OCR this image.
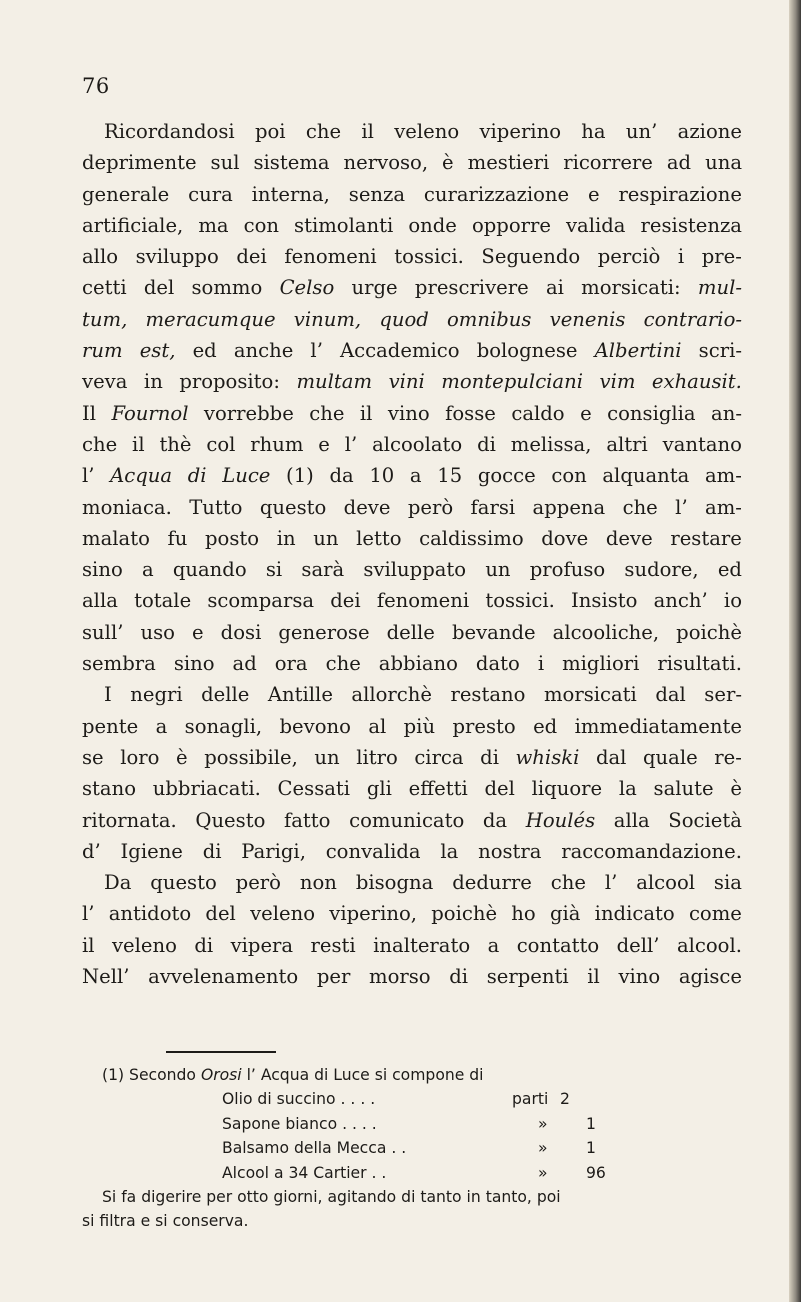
76
Ricordandosi poi che il veleno viperino ha un’ azione
deprimente sul sistema nervoso, è mestieri ricorrere ad una
generale cura interna, senza curarizzazione e respirazione
artificiale, ma con stimolanti onde opporre valida resistenza
allo sviluppo dei fenomeni tossici. Seguendo perciò i pre-
cetti del sommo Celso urge prescrivere ai morsicati: mul-
tum, meracumque vinum, quod omnibus venenis contrario-
rum est, ed anche l’ Accademico bolognese Albertini scri-
veva in proposito: multam vini montepulciani vim exhausit.
Il Fournol vorrebbe che il vino fosse caldo e consiglia an-
che il thè col rhum e l’ alcoolato di melissa, altri vantano
l’ Acqua di Luce (1) da 10 a 15 gocce con alquanta am-
moniaca. Tutto questo deve però farsi appena che l’ am-
malato fu posto in un letto caldissimo dove deve restare
sino a quando si sarà sviluppato un profuso sudore, ed
alla totale scomparsa dei fenomeni tossici. Insisto anch’ io
sull’ uso e dosi generose delle bevande alcooliche, poichè
sembra sino ad ora che abbiano dato i migliori risultati.
I negri delle Antille allorchè restano morsicati dal ser-
pente a sonagli, bevono al più presto ed immediatamente
se loro è possibile, un litro circa di whiski dal quale re-
stano ubbriacati. Cessati gli effetti del liquore la salute è
ritornata. Questo fatto comunicato da Houlés alla Società
d’ Igiene di Parigi, convalida la nostra raccomandazione.
Da questo però non bisogna dedurre che l’ alcool sia
l’ antidoto del veleno viperino, poichè ho già indicato come
il veleno di vipera resti inalterato a contatto dell’ alcool.
Nell’ avvelenamento per morso di serpenti il vino agisce
(1) Secondo Orosi l’ Acqua di Luce si compone di
Olio di succino . . . .	parti 2
Sapone bianco . . . .	»	1
Balsamo della Mecca . .	»	1
Alcool a 34 Cartier . .	»	96
Si fa digerire per otto giorni, agitando di tanto in tanto, poi
si filtra e si conserva.
